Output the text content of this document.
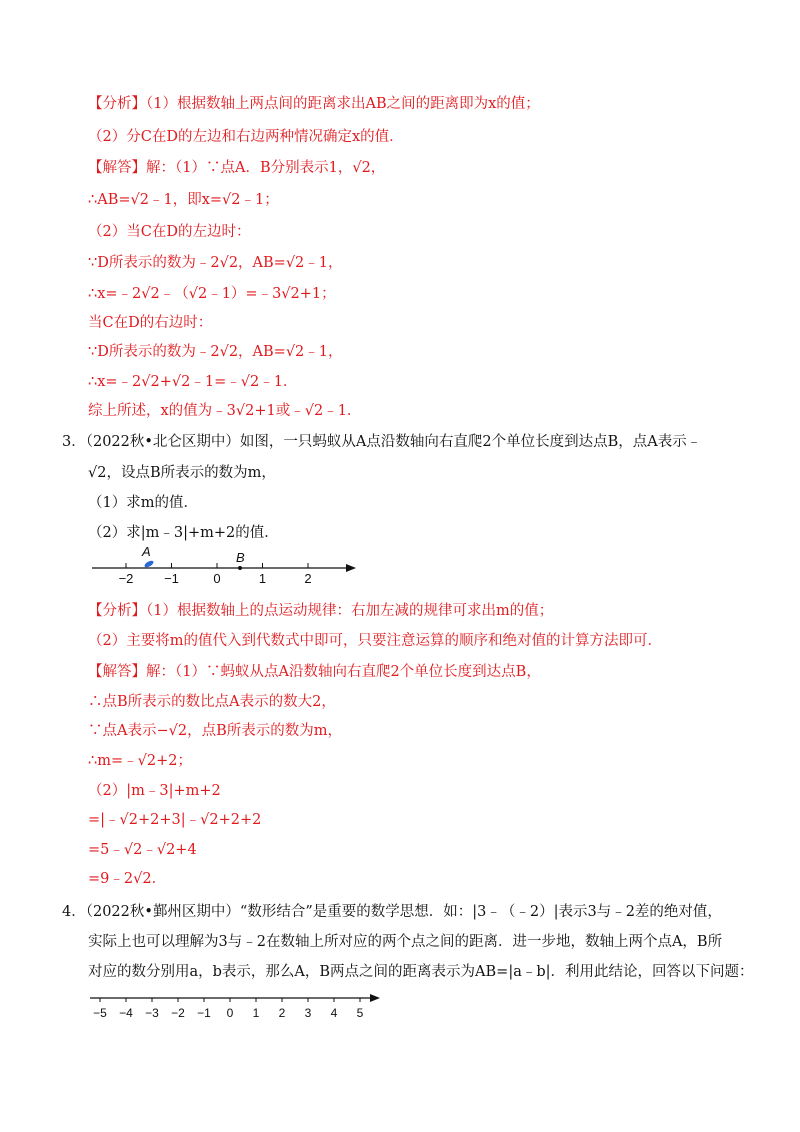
【分析】（1）根据数轴上两点间的距离求出AB之间的距离即为x的值；
（2）分C在D的左边和右边两种情况确定x的值．
【解答】解：（1）∵点A．B分别表示1，√2，
∴AB=√2﹣1，即x=√2﹣1；
（2）当C在D的左边时：
∵D所表示的数为﹣2√2，AB=√2﹣1，
∴x=﹣2√2﹣（√2﹣1）=﹣3√2+1；
当C在D的右边时：
∵D所表示的数为﹣2√2，AB=√2﹣1，
∴x=﹣2√2+√2﹣1=﹣√2﹣1．
综上所述，x的值为﹣3√2+1或﹣√2﹣1．
3．（2022秋•北仑区期中）如图，一只蚂蚁从A点沿数轴向右直爬2个单位长度到达点B，点A表示﹣
√2，设点B所表示的数为m，
（1）求m的值．
（2）求|m﹣3|+m+2的值．
−2 −1	0	1	2
A	B
【分析】（1）根据数轴上的点运动规律：右加左减的规律可求出m的值；
（2）主要将m的值代入到代数式中即可，只要注意运算的顺序和绝对值的计算方法即可．
【解答】解：（1）∵蚂蚁从点A沿数轴向右直爬2个单位长度到达点B，
∴点B所表示的数比点A表示的数大2，
∵点A表示−√2，点B所表示的数为m，
∴m=﹣√2+2；
（2）|m﹣3|+m+2
=|﹣√2+2+3|﹣√2+2+2
=5﹣√2﹣√2+4
=9﹣2√2．
4．（2022秋•鄞州区期中）“数形结合”是重要的数学思想．如：|3﹣（﹣2）|表示3与﹣2差的绝对值，
实际上也可以理解为3与﹣2在数轴上所对应的两个点之间的距离．进一步地，数轴上两个点A，B所
对应的数分别用a，b表示，那么A，B两点之间的距离表示为AB=|a﹣b|．利用此结论，回答以下问题：
−5 −4 −3 −2 −1 0 1 2 3 4 5
